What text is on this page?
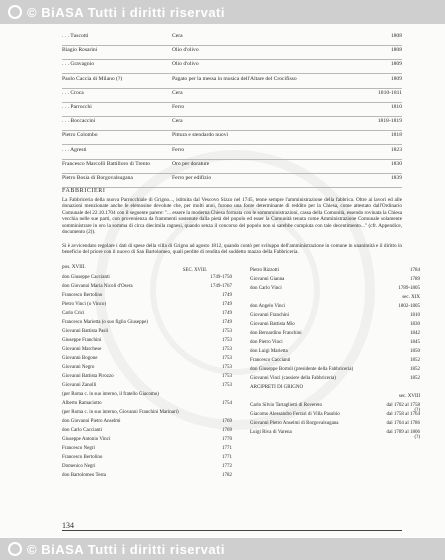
© BiASA Tutti i diritti riservati
. . . Tuscotti	Cera	1808
Biagio Rosarini	Olio d'olivo	1808
. . . Gravagnio	Olio d'olivo	1809
Paolo Caccia di Milano (?)	Pagato per la messa in musica dell'Altare del Crocifisso	1809
. . . Croca	Cera	1810-1811
. . . Parrocchi	Ferro	1810
. . . Boccaccini	Cera	1818-1819
Pietro Colombo	Pittura e stendardo nuovi	1818
. . . Agresti	Ferro	1823
Francesco Marcolli Battilloro di Trento	Oro per dorature	1830
Pietro Bosia di Borgovalsugana	Ferro per edifizio	1839
FABBRICIERI
La Fabbriceria della nuova Parrocchiale di Grigno..., istituita dal Vescovo Sizzo nel 1745, tenne sempre l'amministrazione della fabbrica. Oltre ai lavori ed alle donazioni menzionate anche le elemosine devolute che, per molti anni, furono una fonte determinante di reddito per la Chiesa, come attestato dall'Ordinario Comunale del 22.10.1704 con il seguente parere: "... essere la moderna Chiesa formata con le sommministrazioni, cassa della Comunità, essendo rovinata la Chiesa vecchia nelle sue parti, con provenienza da frammenti sostenute dalla pietà del popolo ed esser la Comunità tenuta come Amministrazione Comunale solamente somministrare in oro la somma di circa diecimila ragnesi, quando senza il concorso del popolo non si sarebbe compiuta con tale decentimento..." (cfr. Appendice, documento (2)).
Si è avvicendato regolare i dati di spese della villa di Grigno ad agosto 1812, quando contò per sviluppo dell'amministrazione in comune in unanimità e il diritto in beneficio del priore con il nuovo di San Bartolomeo, quali perdite di rendita del suddetto mazzo della Fabbriceria.
pos. XVIII.
SEC. XVIII.
don Giuseppe Caccianti	1749-1750
don Giovanni Maria Nicoli d'Osera	1749-1767
Francesco Bertolino	1749
Pietro Vinci (o Vinco)	1749
Carlo Crici	1749
Francesco Marietta (o suo figlio Giuseppe)	1749
Giovanni Battista Pasli	1753
Giuseppe Franchini	1753
Giovanni Marchese	1753
Giovanni Bogone	1753
Giovanni Negro	1753
Giovanni Battista Pirozzo	1753
Giovanni Zanolli	1753
(per Roma c. in suo interno, il fratello Giacomo)
Alberto Ramaciotto	1754
(per Roma c. in suo interno, Giovanni Franchini Marinari)
don Giovanni Pietro Anselmi	1769
don Carlo Caccianti	1769
Giuseppe Antonio Vinci	1770
Francesco Negri	1771
Francesco Bertolino	1771
Domenico Negri	1772
don Bartolomeo Testa	1782
Pietro Rizzotti	1784
Giovanni Gianna	1789
don Carlo Vinci	1789-1805
sec. XIX
don Angelo Vinci	1802-1805
Giovanni Franchini	1810
Giovanni Battista Mio	1830
don Bernardino Franchini	1842
don Pietro Vinci	1845
don Luigi Marietta	1850
Francesco Caccianti	1852
don Giuseppe Bortoli (presidente della Fabbriceria)	1852
Giovanni Vinci (cassiere della Fabbriceria)	1852
ARCIPRETI DI GRIGNO
sec. XVIII
Carlo Silvio Tartaglietti di Rovereto	dal 1702 al 1758 (?)
Giacomo Alessandro Ferrari di Villa Pasubio	dal 1758 al 1764
Giovanni Pietro Anselmi di Borgovalsugana	dal 1764 al 1786
Luigi Riva di Varena	dal 1789 al 1806 (?)
134
© BiASA Tutti i diritti riservati
